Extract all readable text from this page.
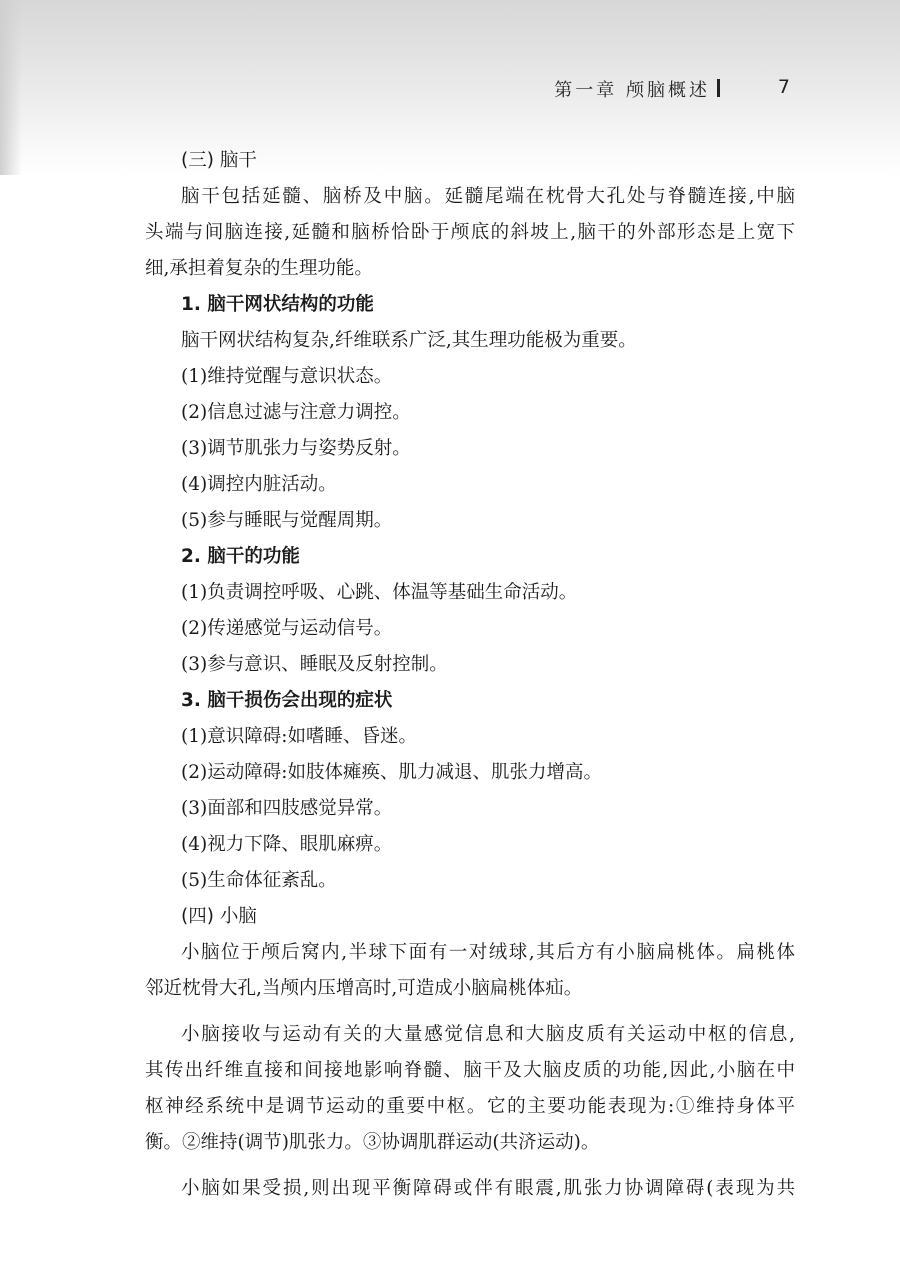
第一章 颅脑概述	7
(三) 脑干
脑干包括延髓、脑桥及中脑。延髓尾端在枕骨大孔处与脊髓连接,中脑
头端与间脑连接,延髓和脑桥恰卧于颅底的斜坡上,脑干的外部形态是上宽下
细,承担着复杂的生理功能。
1. 脑干网状结构的功能
脑干网状结构复杂,纤维联系广泛,其生理功能极为重要。
(1)维持觉醒与意识状态。
(2)信息过滤与注意力调控。
(3)调节肌张力与姿势反射。
(4)调控内脏活动。
(5)参与睡眠与觉醒周期。
2. 脑干的功能
(1)负责调控呼吸、心跳、体温等基础生命活动。
(2)传递感觉与运动信号。
(3)参与意识、睡眠及反射控制。
3. 脑干损伤会出现的症状
(1)意识障碍:如嗜睡、昏迷。
(2)运动障碍:如肢体瘫痪、肌力减退、肌张力增高。
(3)面部和四肢感觉异常。
(4)视力下降、眼肌麻痹。
(5)生命体征紊乱。
(四) 小脑
小脑位于颅后窝内,半球下面有一对绒球,其后方有小脑扁桃体。扁桃体
邻近枕骨大孔,当颅内压增高时,可造成小脑扁桃体疝。
小脑接收与运动有关的大量感觉信息和大脑皮质有关运动中枢的信息,
其传出纤维直接和间接地影响脊髓、脑干及大脑皮质的功能,因此,小脑在中
枢神经系统中是调节运动的重要中枢。它的主要功能表现为:①维持身体平
衡。②维持(调节)肌张力。③协调肌群运动(共济运动)。
小脑如果受损,则出现平衡障碍或伴有眼震,肌张力协调障碍(表现为共
